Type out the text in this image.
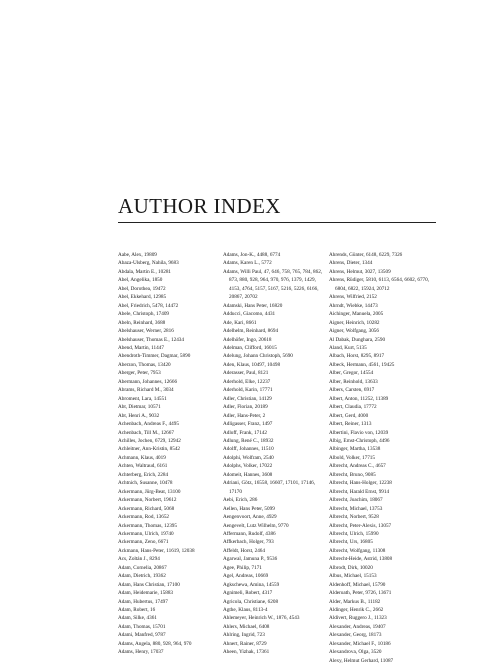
AUTHOR INDEX
Aabe, Alex, 19809
Abaza-Ulsberg, Nahila, 9683
Abdala, Martin E., 10281
Abel, Angelika, 1850
Abel, Dorothea, 19472
Abel, Ekkehard, 12985
Abel, Friedrich, 5478, 14472
Abele, Christoph, 17409
Abeln, Reinhard, 3688
Abelshauser, Werner, 2816
Abelshauser, Thomas E., 12434
Abend, Martin, 11447
Abendroth-Timmer, Dagmar, 5890
Aberzon, Thomas, 13420
Aberger, Peter, 7953
Abermann, Johannes, 12666
Abrams, Richard M., 3034
Abroment, Lara, 14551
Abt, Dietmar, 10571
Abt, Henri A., 9032
Achenbach, Andreas F., 4495
Achenbach, Till M., 12667
Achilles, Jochen, 6729, 12942
Achleitner, Ann-Kristin, 8542
Achmann, Klaus, 4019
Achten, Waltraud, 6161
Achterberg, Erich, 2284
Achtnich, Susanne, 10478
Ackermann, Jürg-Beat, 13100
Ackermann, Norbert, 19612
Ackermann, Richard, 5068
Ackermann, Rod, 13652
Ackermann, Thomas, 12395
Ackermann, Ulrich, 19740
Ackermann, Zeno, 6671
Ackmann, Hans-Peter, 11619, 12038
Acs, Zoltán J., 8294
Adam, Cornelia, 20867
Adam, Dietrich, 19362
Adam, Hans Christian, 17100
Adam, Heidemarie, 15883
Adam, Hubertus, 17497
Adam, Robert, 16
Adam, Silke, 4361
Adam, Thomas, 15701
Adami, Manfred, 9787
Adams, Angela, 880, 928, 964, 970
Adams, Henry, 17037
Adams, Jon-K., 4488, 6774
Adams, Karen L., 5772
Adams, Willi Paul, 47, 646, 758, 765, 784, 862, 873, 880, 928, 964, 970, 976, 1379, 1429, 4153, 4764, 5157, 5167, 5216, 5226, 6166, 20867, 20702
Adamski, Hans Peter, 16820
Adducci, Giacomo, 4431
Ade, Kari, 8661
Adelhelm, Reinhard, 8694
Adelhöfer, Ingo, 20618
Adelman, Clifford, 16015
Adelung, Johann Christoph, 5690
Aden, Klaus, 10497, 10498
Aderasser, Paul, 8121
Aderhold, Elke, 12237
Aderhold, Karin, 17771
Adler, Christian, 14129
Adler, Florian, 20189
Adler, Hans-Peter, 2
Adligasser, Franz, 1497
Adloff, Frank, 17142
Adlung, René C., 18932
Adolff, Johannes, 11510
Adolphi, Wolfram, 2540
Adolphs, Volker, 17022
Adomeit, Hannes, 3608
Adriani, Götz, 16558, 16607, 17101, 17146, 17170
Aebi, Erich, 286
Aellen, Hans Peter, 5099
Aengenvoort, Anne, 4929
Aengevelt, Lutz Wilhelm, 9770
Affermann, Rudolf, 4386
Affkerbach, Holger, 793
Affeldt, Horst, 2464
Agarwal, Jamuna P., 9536
Agee, Philip, 7171
Agel, Andreas, 10669
Agkschewa, Amina, 14559
Agnimeli, Robert, 4317
Agricola, Christiane, 6208
Agthe, Klaus, 8113-4
Ahlemeyer, Heinrich W., 1876, 4543
Ahlers, Michael, 6408
Ahlring, Ingrid, 723
Ahnert, Rainer, 8729
Aheen, Yizhak, 17361
Ahrends, Günter, 6148, 6229, 7326
Ahrens, Dieter, 1344
Ahrens, Helmut, 3027, 13509
Ahrens, Rüdiger, 5810, 6113, 6564, 6602, 6770, 6804, 6822, 15924, 20712
Ahrens, Wilfried, 2152
Ahrndt, Wiebke, 14473
Aichinger, Manuela, 2005
Aigner, Heinrich, 10282
Aigner, Wolfgang, 3056
Al Dabak, Dunghara, 2590
Aland, Kurt, 5135
Albach, Horst, 8295, 8917
Albeck, Hermann, 4561, 19425
Alber, Gregor, 14554
Alber, Reinhold, 13633
Albers, Carsten, 6917
Albert, Anton, 11252, 11389
Albert, Claudia, 17772
Albert, Gerd, 4000
Albert, Reiner, 1313
Albertini, Flavio von, 12039
Albig, Ernst-Christoph, 4496
Albinger, Martha, 13538
Albold, Volker, 17715
Albrecht, Andreas C., 4657
Albrecht, Bruno, 9085
Albrecht, Hans-Holger, 12238
Albrecht, Harald Ernst, 9914
Albrecht, Joachim, 18067
Albrecht, Michael, 13753
Albrecht, Norbert, 9528
Albrecht, Peter-Alexis, 13057
Albrecht, Ulrich, 15990
Albrecht, Urs, 16805
Albrecht, Wolfgang, 11308
Albrecht-Heide, Astrid, 13808
Albrodt, Dirk, 10020
Albus, Michael, 15153
Aldenhoff, Michael, 15790
Alderoath, Peter, 9726, 13671
Alder, Markus B., 11182
Aldinger, Henrik C., 2662
Aldivert, Ruggero J., 11323
Alexander, Andreas, 19407
Alexander, Georg, 18173
Alexander, Michael F., 10186
Alexandrova, Olga, 3520
Alexy, Helmut Gerhard, 11087
